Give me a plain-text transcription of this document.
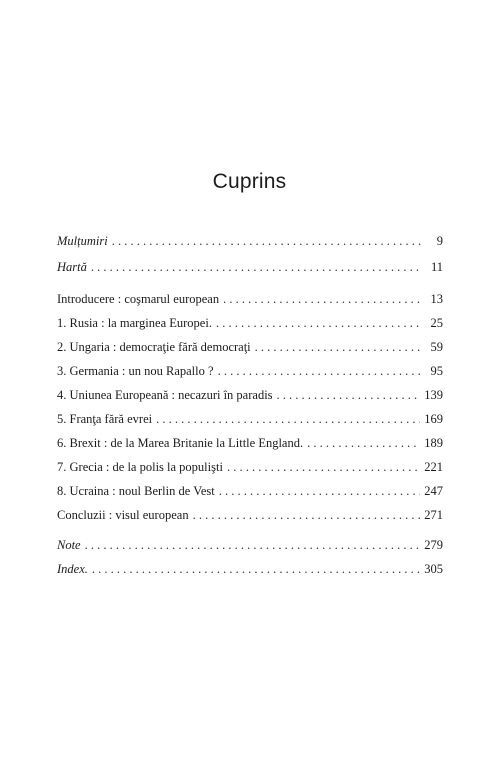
Cuprins
Mulțumiri . . .	9
Hartă . . .	11
Introducere : coşmarul european . . .	13
1. Rusia : la marginea Europei. . . .	25
2. Ungaria : democraţie fără democraţi . . .	59
3. Germania : un nou Rapallo ? . . .	95
4. Uniunea Europeană : necazuri în paradis . . .	139
5. Franţa fără evrei . . .	169
6. Brexit : de la Marea Britanie la Little England. . . .	189
7. Grecia : de la polis la populişti . . .	221
8. Ucraina : noul Berlin de Vest . . .	247
Concluzii : visul european . . .	271
Note . . .	279
Index. . . .	305
